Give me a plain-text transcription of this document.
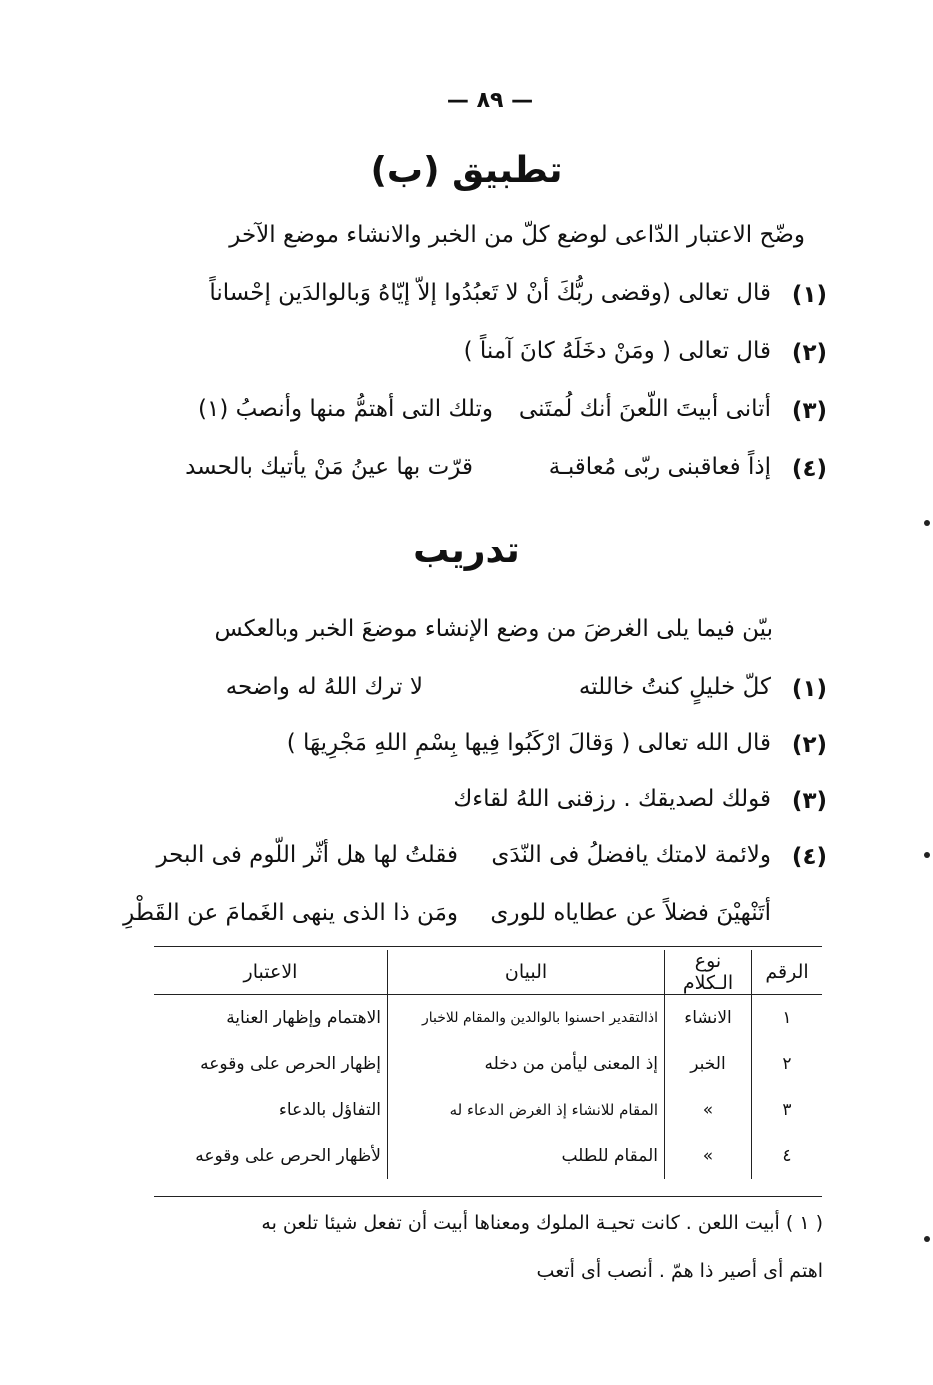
— ٨٩ —
تطبيق (ب)
وضّح الاعتبار الدّاعى لوضع كلّ من الخبر والانشاء موضع الآخر
(١)
قال تعالى (وقضى ربُّكَ أنْ لا تَعبُدُوا إلاّ إيّاهُ وَبالوالدَين إحْساناً
(٢)
قال تعالى ( ومَنْ دخَلَهُ كانَ آمناً )
(٣)
أتانى أبيتَ اللّعنَ أنك لُمتَنى
وتلك التى أهتمُّ منها وأنصبُ (١)
(٤)
إذاً فعاقبنى ربّى مُعاقبـة
قرّت بها عينُ مَنْ يأتيك بالحسد
تدريب
بيّن فيما يلى الغرضَ من وضع الإنشاء موضعَ الخبر وبالعكس
(١)
كلّ خليلٍ كنتُ خاللته
لا ترك اللهُ له واضحه
(٢)
قال الله تعالى ( وَقالَ ارْكَبُوا فِيها بِسْمِ اللهِ مَجْرِيهَا )
(٣)
قولك لصديقك . رزقنى اللهُ لقاءك
(٤)
ولائمة لامتك يافضلُ فى النّدَى
فقلتُ لها هل أثّر اللّوم فى البحر
أتَنْهيْنَ فضلاً عن عطاياه للورى
ومَن ذا الذى ينهى الغَمامَ عن القَطْرِ
الرقم	نوع الـكلام	البيان	الاعتبار
١	الانشاء	اذالتقدير احسنوا بالوالدين والمقام للاخبار	الاهتمام وإظهار العناية
٢	الخبر	إذ المعنى ليأمن من دخله	إظهار الحرص على وقوعه
٣	»	المقام للانشاء إذ الغرض الدعاء له	التفاؤل بالدعاء
٤	»	المقام للطلب	لأظهار الحرص على وقوعه
( ١ ) أبيت اللعن . كانت تحيـة الملوك ومعناها أبيت أن تفعل شيئا تلعن به
اهتم أى أصير ذا همّ . أنصب أى أتعب
